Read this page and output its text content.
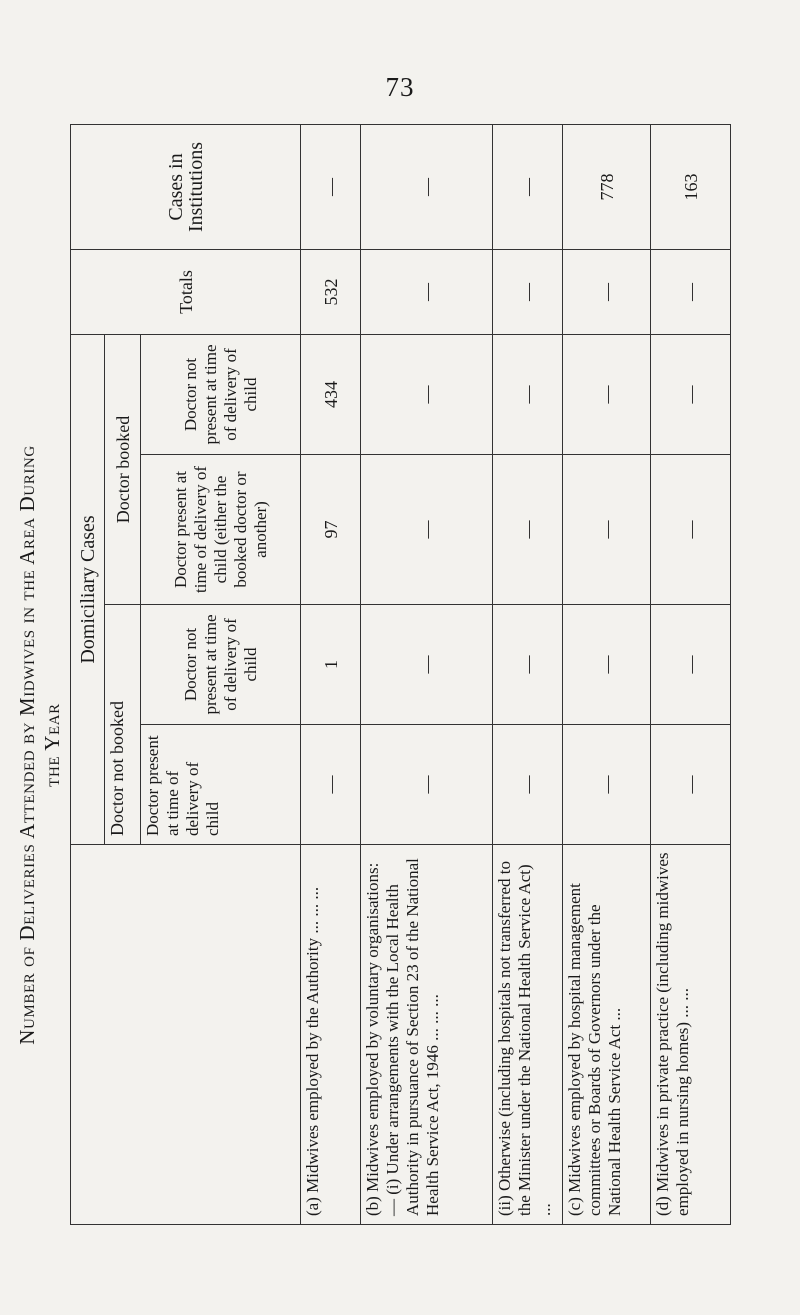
73
Number of Deliveries Attended by Midwives in the Area During the Year
	Domiciliary Cases				Totals	Cases in Institutions
	Doctor not booked		Doctor booked			
	Doctor present at time of delivery of child	Doctor not present at time of delivery of child	Doctor present at time of delivery of child (either the booked doctor or another)	Doctor not present at time of delivery of child		
(a) Midwives employed by the Authority ... ... ...	—	1	97	434	532	—
(b) Midwives employed by voluntary organisations:— (i) Under arrangements with the Local Health Authority in pursuance of Section 23 of the National Health Service Act, 1946 ... ... ...	—	—	—	—	—	—
(ii) Otherwise (including hospitals not transferred to the Minister under the National Health Service Act) ...	—	—	—	—	—	—
(c) Midwives employed by hospital management committees or Boards of Governors under the National Health Service Act ...	—	—	—	—	—	778
(d) Midwives in private practice (including midwives employed in nursing homes) ... ...	—	—	—	—	—	163
